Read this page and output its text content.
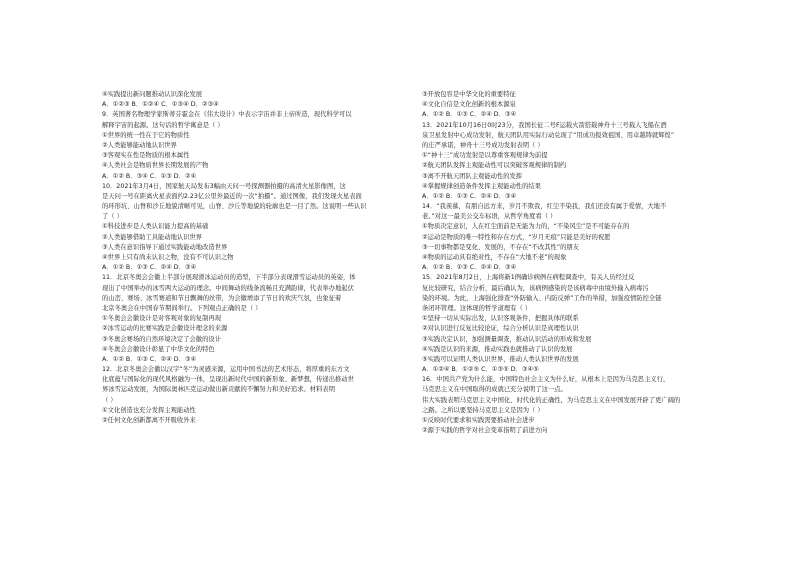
④实践提出新问题推动认识深化发展
A．①②③ B．①②④ C．①③④ D．②③④
9．英国著名物理学家斯蒂芬霍金在《伟大设计》中表示宇宙并非上帝所造，现代科学可以
解释宇宙的起源。这句话的哲学寓意是（ ）
①世界的统一性在于它的物质性
②人类能够能动地认识世界
③客观实在性是物质的根本属性
④人类社会是物质世界长期发展的产物
A．①② B．③④ C．①③ D．②④
10．2021年3月4日，国家航天局发布3幅由天问一号探测器拍摄的高清火星影像图，这
是天问一号在距离火星表面约2.23亿公里外最近的一次“拍摄”。通过图像，我们发现火星表面
的环形坑、山脊和沙丘地貌清晰可见，山脊、沙丘等地貌的轮廓也是一目了然。这说明一些认识
了（ ）
①科技进步是人类认识能力提高的基础
②人类能够借助工具能动地认识世界
③人类在意识指导下通过实践能动地改造世界
④世界上只有尚未认识之物，没有不可认识之物
A．①② B．①③ C．②④ D．③④
11．北京冬奥会会徽上半部分展现滑冰运动员的造型，下半部分表现滑雪运动员的英姿，体
现出了中国举办的冰雪两大运动的理念。中间舞动的线条流畅且充满韵律，代表举办地起伏
的山峦、赛场、冰雪赛道和节日飘舞的丝带，为会徽增添了节日的欢庆气氛，也象征着
北京冬奥会在中国春节期间举行。下列观点正确的是（ ）
①冬奥会会徽设计是对客观对象的复制再现
②冰雪运动的比赛实践是会徽设计理念的来源
③冬奥会赛场的自然环境决定了会徽的设计
④冬奥会会徽设计彰显了中华文化的特色
A．①② B．①③ C．②④ D．③④
12．北京冬奥会会徽以汉字“冬”为灵感来源，运用中国书法的艺术形态，将厚重的东方文
化底蕴与国际化的现代风格融为一体，呈现出新时代中国的新形象、新梦想，传递出推动世
界冰雪运动发展，为国际奥林匹克运动做出新贡献的不懈努力和美好追求。材料表明
（ ）
①文化创造也充分发挥主观能动性
②任何文化创新都离不开吸收外来
③开放包容是中华文化的重要特征
④文化自信是文化创新的根本源泉
A．①② B．①③ C．②④ D．③④
13．2021年10月16日0时23分，我国长征二号F运载火箭搭载神舟十三号载人飞船在酒
泉卫星发射中心成功发射，航天团队用实际行动兑现了“用成功报效祖国、用卓越铸就辉煌”
的庄严承诺，神舟十三号成功发射表明（ ）
①“神十三”成功发射是以尊重客观规律为前提
②航天团队发挥主观能动性可以突破客观规律的制约
③离不开航天团队主观能动性的发挥
④掌握规律创造条件发挥主观能动性的结果
A．①② B．①③ C．②④ D．③④
14．“我羡慕，有朋自远方来，岁月不欺我，红尘不染我，我们还没有属于爱情，大地不
老。”对这一最美公交车标语，从哲学角度看（ ）
①物质决定意识，人在红尘面前是无能为力的，“不染风尘”是不可能存在的
②运动是物质的唯一特性和存在方式，“岁月无痕”只能是美好的祝愿
③一切事物都是变化、发展的，不存在“不改其性”的朋友
④物质的运动具有绝对性，不存在“大地不老”的现象
A．①② B．①③ C．②④ D．③④
15．2021年8月2日，上海将新1例确诊病例在病程调查中，有关人员经过反
复比较研究，结合分析，最后确认为，该病例感染的是该病毒中由境外输入病毒污
染的环境。为此，上海强化排查“外防输入、内防反弹”工作的举措，加强疫情防控全链
条闭环管理。这体现的哲学道理有（ ）
①坚持一切从实际出发，认识客观条件，把握具体的联系
②对认识进行反复比较论证，综合分析认识是真理性认识
③实践决定认识，加强测量调查，推动认识活动的形成和发展
④实践是认识的来源，推动实践也就推动了认识的发展
⑤实践可以证明人类认识世界，推动人类认识世界的发展
A．①②④ B．①②⑤ C．①③⑤ D．③④⑤
16．中国共产党为什么能，中国特色社会主义为什么好，从根本上是因为马克思主义行，
马克思主义在中国取得的成就已充分说明了这一点。
伟大实践表明马克思主义中国化、时代化的正确性，为马克思主义在中国发展开辟了更广阔的
之路。之所以要坚持马克思主义是因为（ ）
①反映时代要求和实践需要推动社会进步
②源于实践的哲学对社会变革指明了前进方向
